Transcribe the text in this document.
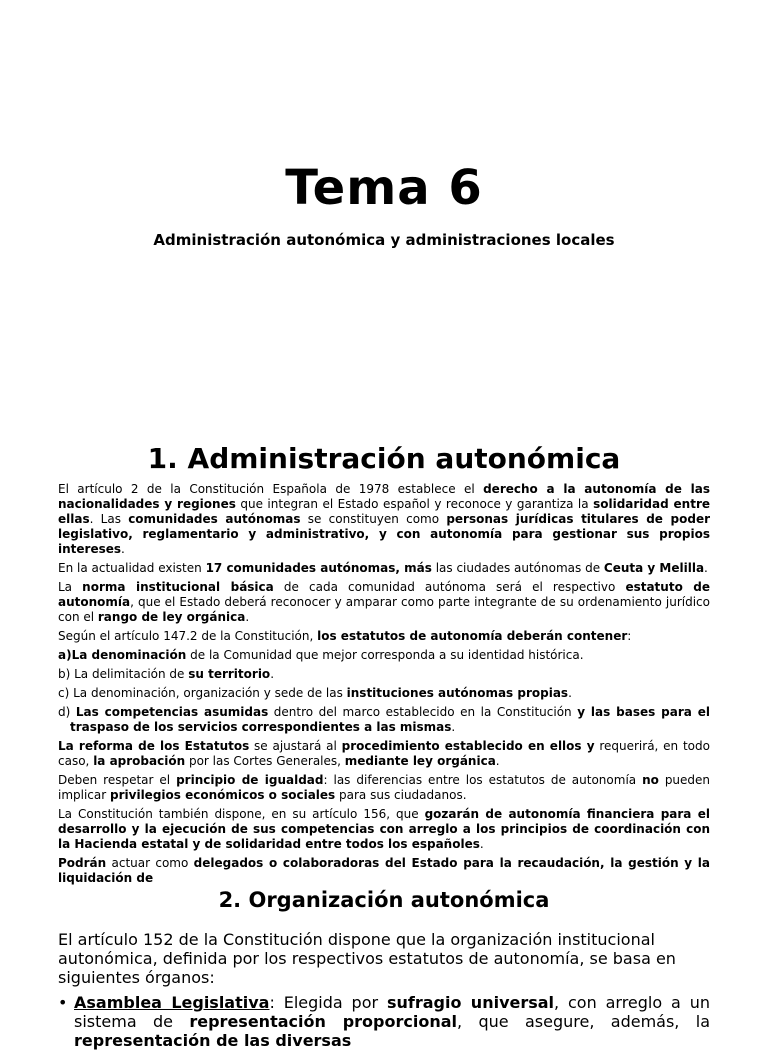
Tema 6
Administración autonómica y administraciones locales
1. Administración autonómica

El artículo 2 de la Constitución Española de 1978 establece el derecho a la autonomía de las nacionalidades y regiones que integran el Estado español y reconoce y garantiza la solidaridad entre ellas. Las comunidades autónomas se constituyen como personas jurídicas titulares de poder legislativo, reglamentario y administrativo, y con autonomía para gestionar sus propios intereses.

En la actualidad existen 17 comunidades autónomas, más las ciudades autónomas de Ceuta y Melilla.

La norma institucional básica de cada comunidad autónoma será el respectivo estatuto de autonomía, que el Estado deberá reconocer y amparar como parte integrante de su ordenamiento jurídico con el rango de ley orgánica.

Según el artículo 147.2 de la Constitución, los estatutos de autonomía deberán contener:

a)La denominación de la Comunidad que mejor corresponda a su identidad histórica.

b) La delimitación de su territorio.

c) La denominación, organización y sede de las instituciones autónomas propias.

d) Las competencias asumidas dentro del marco establecido en la Constitución y las bases para el traspaso de los servicios correspondientes a las mismas.

La reforma de los Estatutos se ajustará al procedimiento establecido en ellos y requerirá, en todo caso, la aprobación por las Cortes Generales, mediante ley orgánica.

Deben respetar el principio de igualdad: las diferencias entre los estatutos de autonomía no pueden implicar privilegios económicos o sociales para sus ciudadanos.

La Constitución también dispone, en su artículo 156, que gozarán de autonomía financiera para el desarrollo y la ejecución de sus competencias con arreglo a los principios de coordinación con la Hacienda estatal y de solidaridad entre todos los españoles.

Podrán actuar como delegados o colaboradoras del Estado para la recaudación, la gestión y la liquidación de

2. Organización autonómica

El artículo 152 de la Constitución dispone que la organización institucional autonómica, definida por los respectivos estatutos de autonomía, se basa en siguientes órganos:

• Asamblea Legislativa: Elegida por sufragio universal, con arreglo a un sistema de representación proporcional, que asegure, además, la representación de las diversas
